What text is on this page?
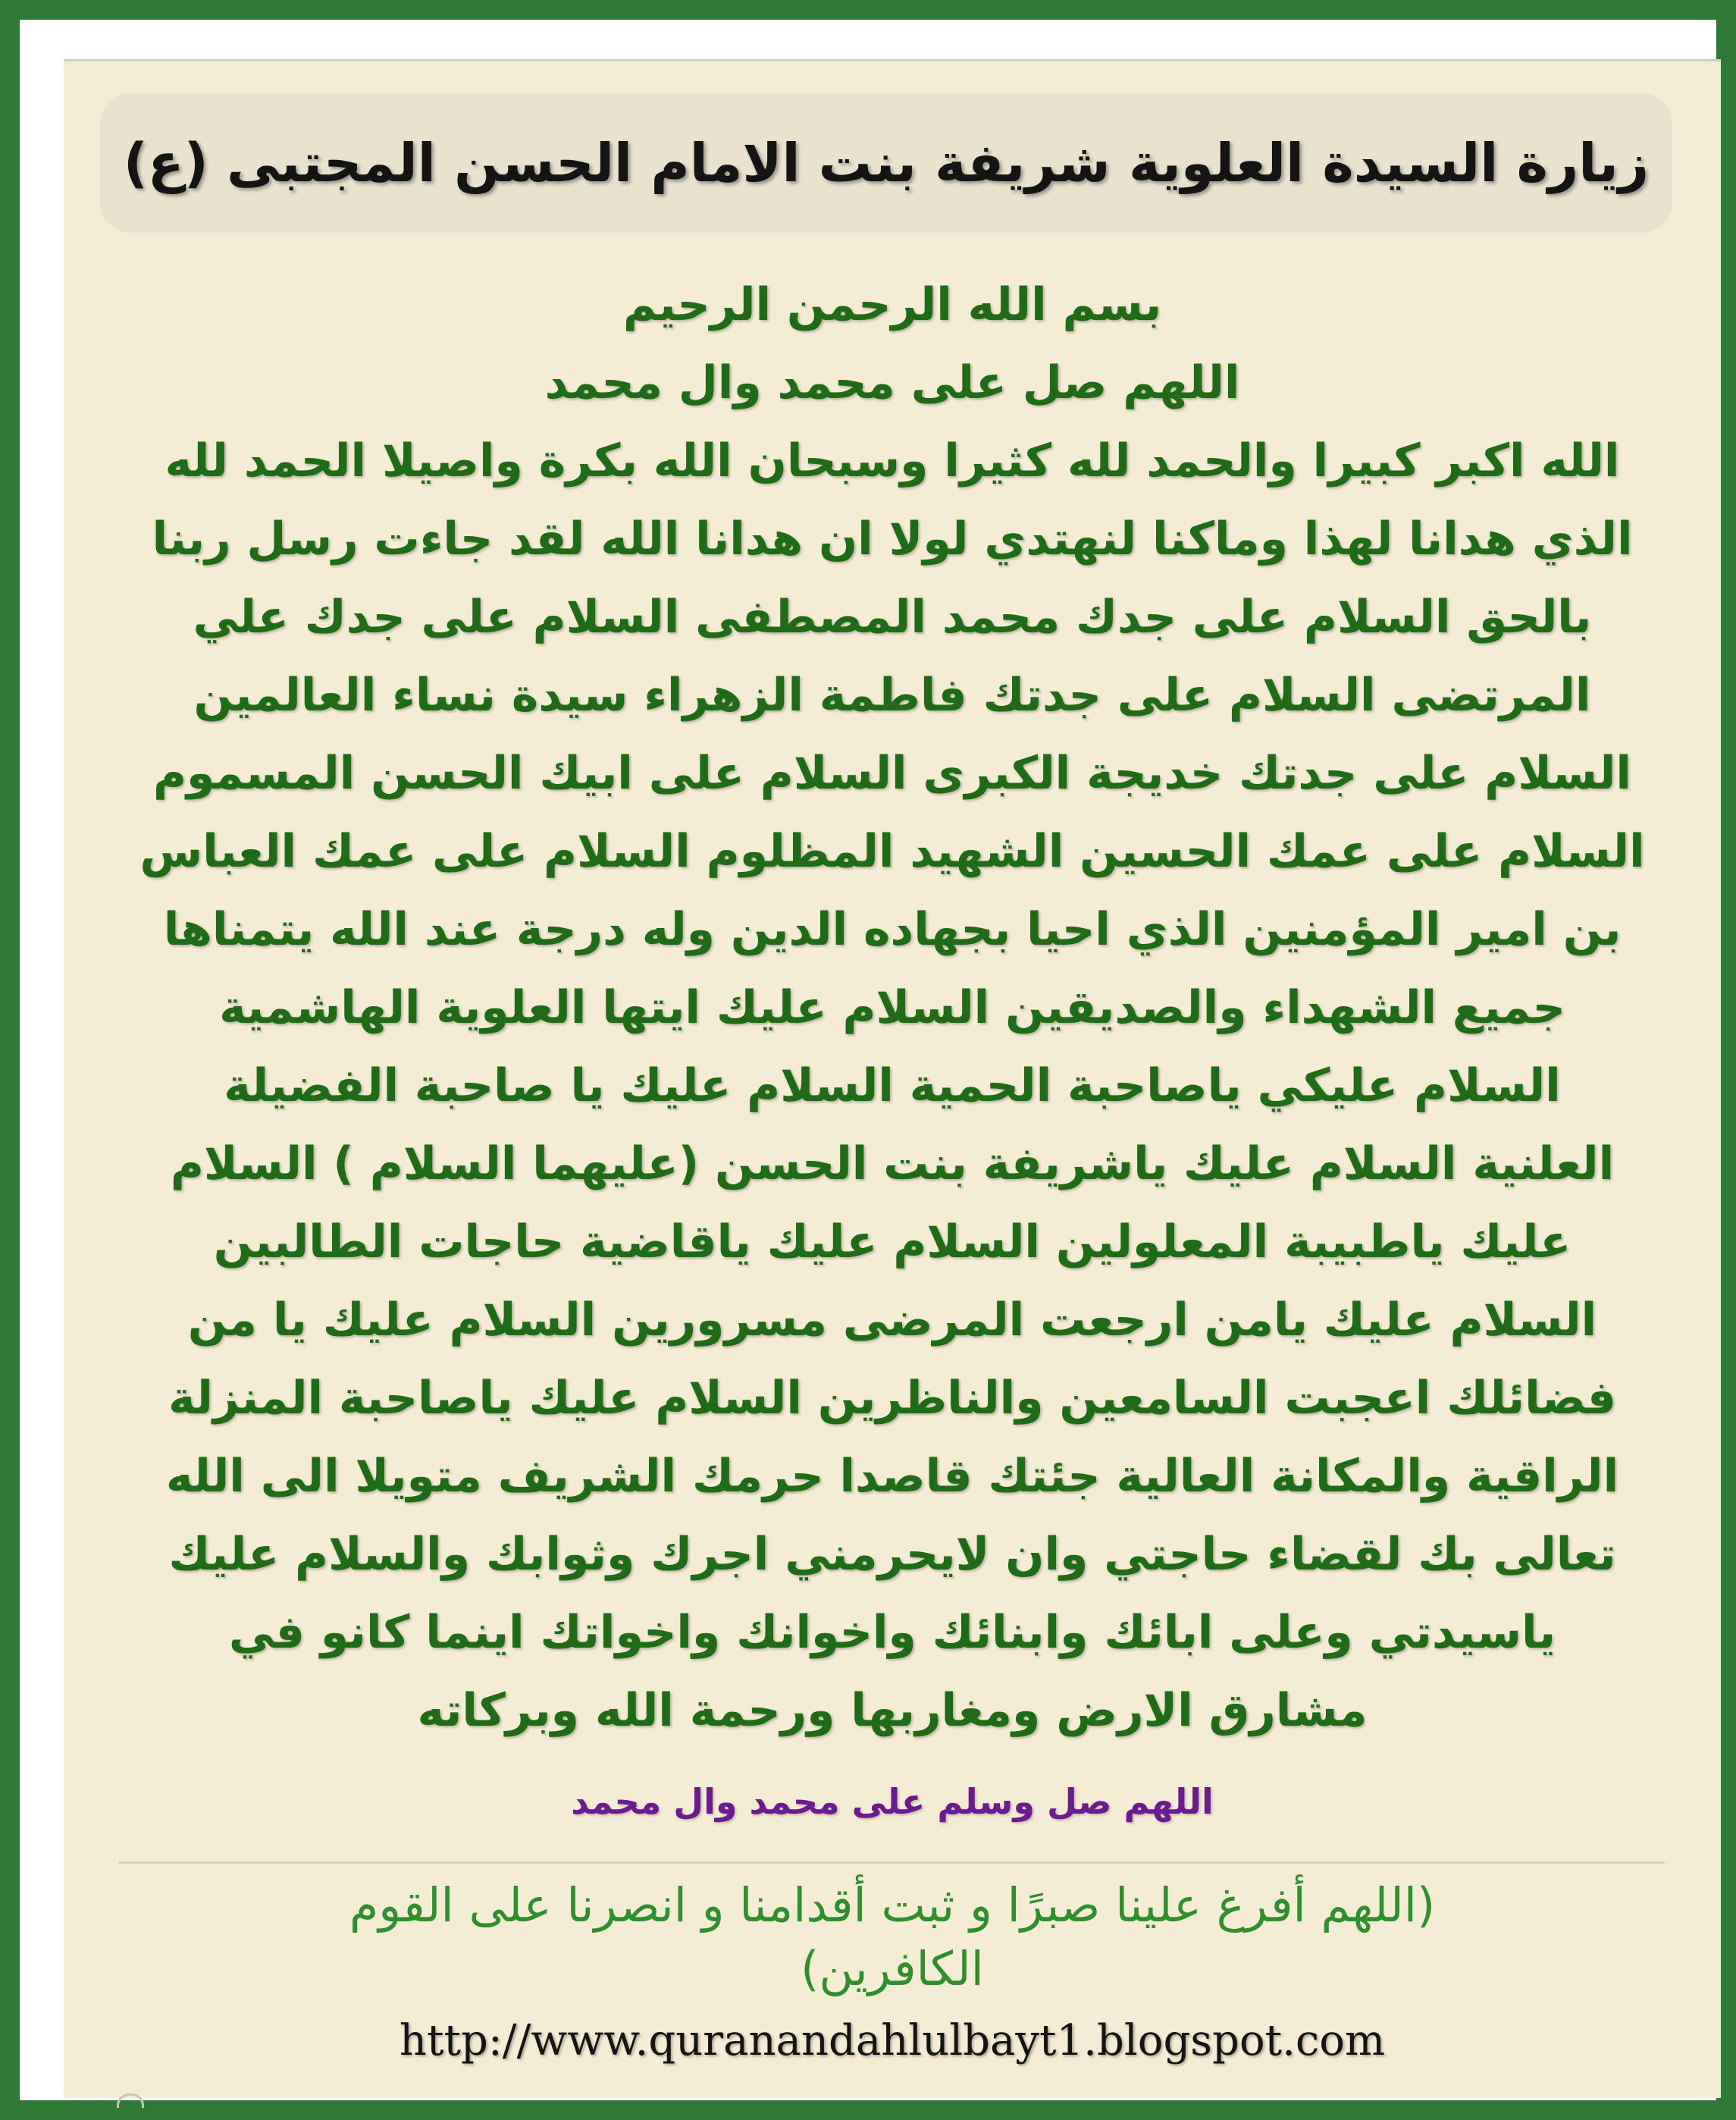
زيارة السيدة العلوية شريفة بنت الامام الحسن المجتبى (ع)
بسم الله الرحمن الرحيم
اللهم صل على محمد وال محمد
الله اكبر كبيرا والحمد لله كثيرا وسبحان الله بكرة واصيلا الحمد لله
الذي هدانا لهذا وماكنا لنهتدي لولا ان هدانا الله لقد جاءت رسل ربنا
بالحق السلام على جدك محمد المصطفى السلام على جدك علي
المرتضى السلام على جدتك فاطمة الزهراء سيدة نساء العالمين
السلام على جدتك خديجة الكبرى السلام على ابيك الحسن المسموم
السلام على عمك الحسين الشهيد المظلوم السلام على عمك العباس
بن امير المؤمنين الذي احيا بجهاده الدين وله درجة عند الله يتمناها
جميع الشهداء والصديقين السلام عليك ايتها العلوية الهاشمية
السلام عليكي ياصاحبة الحمية السلام عليك يا صاحبة الفضيلة
العلنية السلام عليك ياشريفة بنت الحسن (عليهما السلام ) السلام
عليك ياطبيبة المعلولين السلام عليك ياقاضية حاجات الطالبين
السلام عليك يامن ارجعت المرضى مسرورين السلام عليك يا من
فضائلك اعجبت السامعين والناظرين السلام عليك ياصاحبة المنزلة
الراقية والمكانة العالية جئتك قاصدا حرمك الشريف متويلا الى الله
تعالى بك لقضاء حاجتي وان لايحرمني اجرك وثوابك والسلام عليك
ياسيدتي وعلى ابائك وابنائك واخوانك واخواتك اينما كانو في
مشارق الارض ومغاربها ورحمة الله وبركاته
اللهم صل وسلم على محمد وال محمد
(اللهم أفرغ علينا صبرًا و ثبت أقدامنا و انصرنا على القوم
الكافرين)
http://www.quranandahlulbayt1.blogspot.com
